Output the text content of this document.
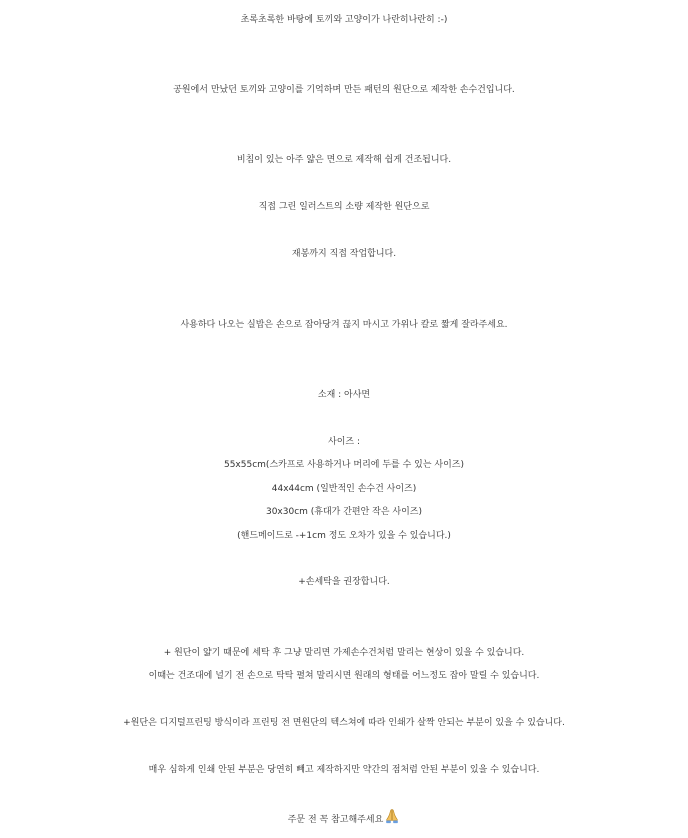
초록초록한 바탕에 토끼와 고양이가 나란히나란히 :-)
공원에서 만났던 토끼와 고양이를 기억하며 만든 패턴의 원단으로 제작한 손수건입니다.
비침이 있는 아주 얇은 면으로 제작해 쉽게 건조됩니다.
직접 그린 일러스트의 소량 제작한 원단으로
재봉까지 직접 작업합니다.
사용하다 나오는 실밥은 손으로 잡아당겨 끊지 마시고 가위나 칼로 짧게 잘라주세요.
소재 : 아사면
사이즈 :
55x55cm(스카프로 사용하거나 머리에 두를 수 있는 사이즈)
44x44cm (일반적인 손수건 사이즈)
30x30cm (휴대가 간편안 작은 사이즈)
(핸드메이드로 -+1cm 정도 오차가 있을 수 있습니다.)
+손세탁을 권장합니다.
+ 원단이 얇기 때문에 세탁 후 그냥 말리면 가제손수건처럼 말리는 현상이 있을 수 있습니다.
이때는 건조대에 널기 전 손으로 탁탁 펼쳐 말리시면 원래의 형태를 어느정도 잡아 말릴 수 있습니다.
+원단은 디지털프린팅 방식이라 프린팅 전 면원단의 텍스쳐에 따라 인쇄가 살짝 안되는 부분이 있을 수 있습니다.
매우 심하게 인쇄 안된 부분은 당연히 빼고 제작하지만 약간의 점처럼 안된 부분이 있을 수 있습니다.
주문 전 꼭 참고해주세요
